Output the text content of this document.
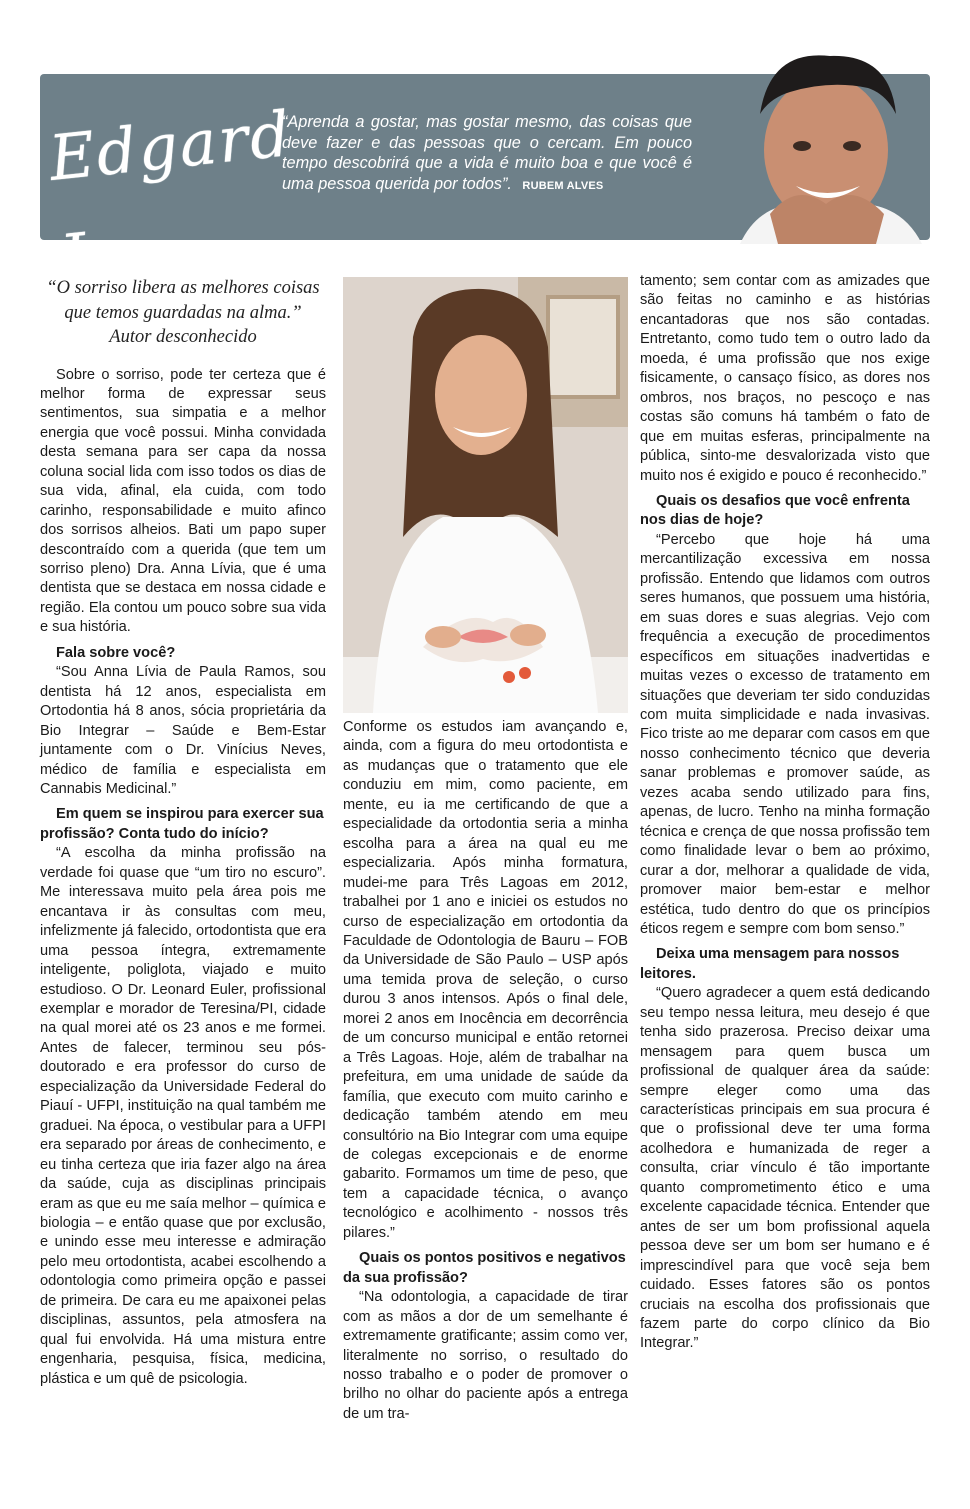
Edgard Jr.
“Aprenda a gostar, mas gostar mesmo, das coisas que deve fazer e das pessoas que o cercam. Em pouco tempo descobrirá que a vida é muito boa e que você é uma pessoa querida por todos”. RUBEM ALVES
“O sorriso libera as melhores coisas que temos guardadas na alma.” Autor desconhecido

Sobre o sorriso, pode ter certeza que é melhor forma de expressar seus sentimentos, sua simpatia e a melhor energia que você possui. Minha convidada desta semana para ser capa da nossa coluna social lida com isso todos os dias de sua vida, afinal, ela cuida, com todo carinho, responsabilidade e muito afinco dos sorrisos alheios. Bati um papo super descontraído com a querida (que tem um sorriso pleno) Dra. Anna Lívia, que é uma dentista que se destaca em nossa cidade e região. Ela contou um pouco sobre sua vida e sua história.

Fala sobre você?

“Sou Anna Lívia de Paula Ramos, sou dentista há 12 anos, especialista em Ortodontia há 8 anos, sócia proprietária da Bio Integrar – Saúde e Bem-Estar juntamente com o Dr. Vinícius Neves, médico de família e especialista em Cannabis Medicinal.”

Em quem se inspirou para exercer sua profissão? Conta tudo do início?

“A escolha da minha profissão na verdade foi quase que “um tiro no escuro”. Me interessava muito pela área pois me encantava ir às consultas com meu, infelizmente já falecido, ortodontista que era uma pessoa íntegra, extremamente inteligente, poliglota, viajado e muito estudioso. O Dr. Leonard Euler, profissional exemplar e morador de Teresina/PI, cidade na qual morei até os 23 anos e me formei. Antes de falecer, terminou seu pós-doutorado e era professor do curso de especialização da Universidade Federal do Piauí - UFPI, instituição na qual também me graduei. Na época, o vestibular para a UFPI era separado por áreas de conhecimento, e eu tinha certeza que iria fazer algo na área da saúde, cuja as disciplinas principais eram as que eu me saía melhor – química e biologia – e então quase que por exclusão, e unindo esse meu interesse e admiração pelo meu ortodontista, acabei escolhendo a odontologia como primeira opção e passei de primeira. De cara eu me apaixonei pelas disciplinas, assuntos, pela atmosfera na qual fui envolvida. Há uma mistura entre engenharia, pesquisa, física, medicina, plástica e um quê de psicologia.

Conforme os estudos iam avançando e, ainda, com a figura do meu ortodontista e as mudanças que o tratamento que ele conduziu em mim, como paciente, em mente, eu ia me certificando de que a especialidade da ortodontia seria a minha escolha para a área na qual eu me especializaria. Após minha formatura, mudei-me para Três Lagoas em 2012, trabalhei por 1 ano e iniciei os estudos no curso de especialização em ortodontia da Faculdade de Odontologia de Bauru – FOB da Universidade de São Paulo – USP após uma temida prova de seleção, o curso durou 3 anos intensos. Após o final dele, morei 2 anos em Inocência em decorrência de um concurso municipal e então retornei a Três Lagoas. Hoje, além de trabalhar na prefeitura, em uma unidade de saúde da família, que executo com muito carinho e dedicação também atendo em meu consultório na Bio Integrar com uma equipe de colegas excepcionais e de enorme gabarito. Formamos um time de peso, que tem a capacidade técnica, o avanço tecnológico e acolhimento - nossos três pilares.”

Quais os pontos positivos e negativos da sua profissão?

“Na odontologia, a capacidade de tirar com as mãos a dor de um semelhante é extremamente gratificante; assim como ver, literalmente no sorriso, o resultado do nosso trabalho e o poder de promover o brilho no olhar do paciente após a entrega de um tra-

tamento; sem contar com as amizades que são feitas no caminho e as histórias encantadoras que nos são contadas. Entretanto, como tudo tem o outro lado da moeda, é uma profissão que nos exige fisicamente, o cansaço físico, as dores nos ombros, nos braços, no pescoço e nas costas são comuns há também o fato de que em muitas esferas, principalmente na pública, sinto-me desvalorizada visto que muito nos é exigido e pouco é reconhecido.”

Quais os desafios que você enfrenta nos dias de hoje?

“Percebo que hoje há uma mercantilização excessiva em nossa profissão. Entendo que lidamos com outros seres humanos, que possuem uma história, em suas dores e suas alegrias. Vejo com frequência a execução de procedimentos específicos em situações inadvertidas e muitas vezes o excesso de tratamento em situações que deveriam ter sido conduzidas com muita simplicidade e nada invasivas. Fico triste ao me deparar com casos em que nosso conhecimento técnico que deveria sanar problemas e promover saúde, as vezes acaba sendo utilizado para fins, apenas, de lucro. Tenho na minha formação técnica e crença de que nossa profissão tem como finalidade levar o bem ao próximo, curar a dor, melhorar a qualidade de vida, promover maior bem-estar e melhor estética, tudo dentro do que os princípios éticos regem e sempre com bom senso.”

Deixa uma mensagem para nossos leitores.

“Quero agradecer a quem está dedicando seu tempo nessa leitura, meu desejo é que tenha sido prazerosa. Preciso deixar uma mensagem para quem busca um profissional de qualquer área da saúde: sempre eleger como uma das características principais em sua procura é que o profissional deve ter uma forma acolhedora e humanizada de reger a consulta, criar vínculo é tão importante quanto comprometimento ético e uma excelente capacidade técnica. Entender que antes de ser um bom profissional aquela pessoa deve ser um bom ser humano e é imprescindível para que você seja bem cuidado. Esses fatores são os pontos cruciais na escolha dos profissionais que fazem parte do corpo clínico da Bio Integrar.”
